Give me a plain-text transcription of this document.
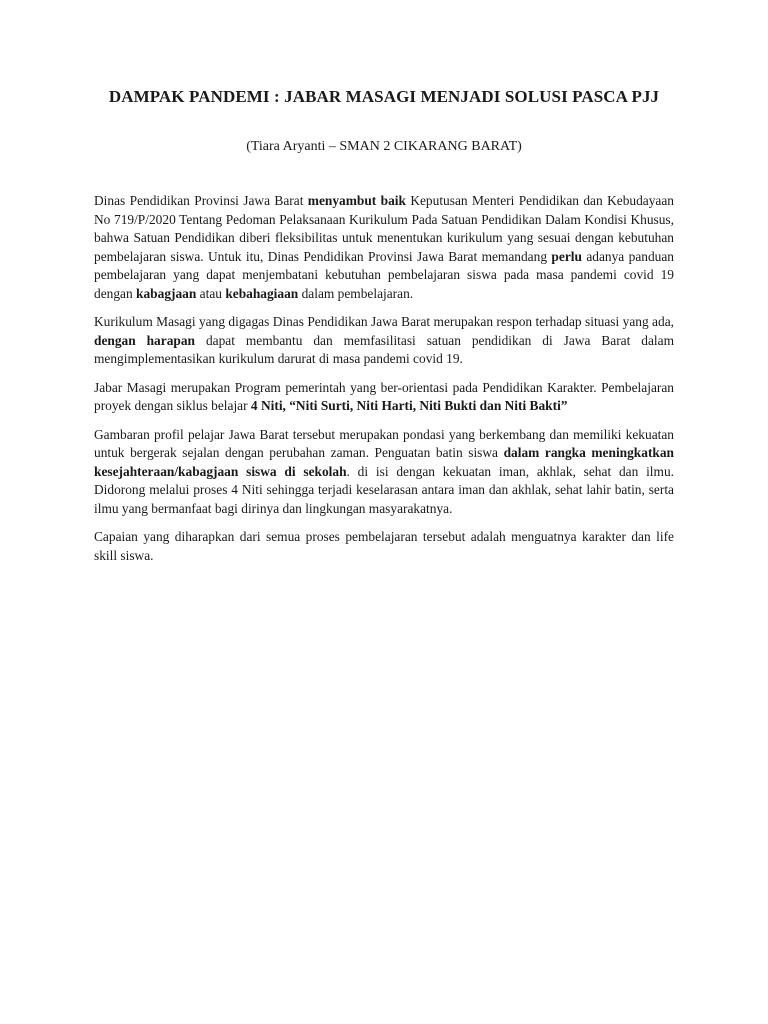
DAMPAK PANDEMI : JABAR MASAGI MENJADI SOLUSI PASCA PJJ

(Tiara Aryanti – SMAN 2 CIKARANG BARAT)

Dinas Pendidikan Provinsi Jawa Barat menyambut baik Keputusan Menteri Pendidikan dan Kebudayaan No 719/P/2020 Tentang Pedoman Pelaksanaan Kurikulum Pada Satuan Pendidikan Dalam Kondisi Khusus, bahwa Satuan Pendidikan diberi fleksibilitas untuk menentukan kurikulum yang sesuai dengan kebutuhan pembelajaran siswa. Untuk itu, Dinas Pendidikan Provinsi Jawa Barat memandang perlu adanya panduan pembelajaran yang dapat menjembatani kebutuhan pembelajaran siswa pada masa pandemi covid 19 dengan kabagjaan atau kebahagiaan dalam pembelajaran.

Kurikulum Masagi yang digagas Dinas Pendidikan Jawa Barat merupakan respon terhadap situasi yang ada, dengan harapan dapat membantu dan memfasilitasi satuan pendidikan di Jawa Barat dalam mengimplementasikan kurikulum darurat di masa pandemi covid 19.

Jabar Masagi merupakan Program pemerintah yang ber-orientasi pada Pendidikan Karakter. Pembelajaran proyek dengan siklus belajar 4 Niti, “Niti Surti, Niti Harti, Niti Bukti dan Niti Bakti”

Gambaran profil pelajar Jawa Barat tersebut merupakan pondasi yang berkembang dan memiliki kekuatan untuk bergerak sejalan dengan perubahan zaman. Penguatan batin siswa dalam rangka meningkatkan kesejahteraan/kabagjaan siswa di sekolah. di isi dengan kekuatan iman, akhlak, sehat dan ilmu. Didorong melalui proses 4 Niti sehingga terjadi keselarasan antara iman dan akhlak, sehat lahir batin, serta ilmu yang bermanfaat bagi dirinya dan lingkungan masyarakatnya.

Capaian yang diharapkan dari semua proses pembelajaran tersebut adalah menguatnya karakter dan life skill siswa.
